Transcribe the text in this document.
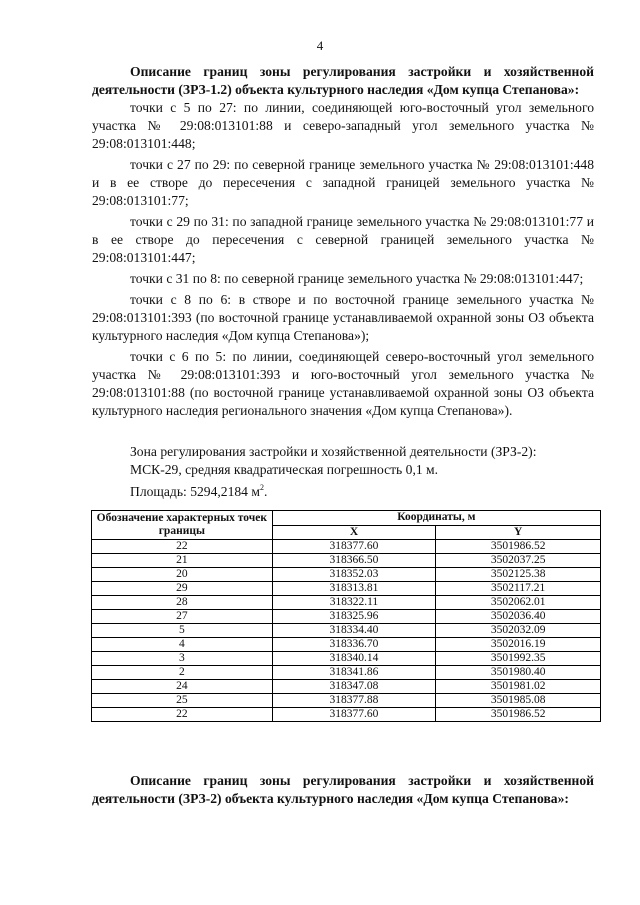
4
Описание границ зоны регулирования застройки и хозяйственной деятельности (ЗРЗ-1.2) объекта культурного наследия «Дом купца Степанова»:
точки с 5 по 27: по линии, соединяющей юго-восточный угол земельного участка № 29:08:013101:88 и северо-западный угол земельного участка № 29:08:013101:448;
точки с 27 по 29: по северной границе земельного участка № 29:08:013101:448 и в ее створе до пересечения с западной границей земельного участка № 29:08:013101:77;
точки с 29 по 31: по западной границе земельного участка № 29:08:013101:77 и в ее створе до пересечения с северной границей земельного участка № 29:08:013101:447;
точки с 31 по 8: по северной границе земельного участка № 29:08:013101:447;
точки с 8 по 6: в створе и по восточной границе земельного участка № 29:08:013101:393 (по восточной границе устанавливаемой охранной зоны ОЗ объекта культурного наследия «Дом купца Степанова»);
точки с 6 по 5: по линии, соединяющей северо-восточный угол земельного участка № 29:08:013101:393 и юго-восточный угол земельного участка № 29:08:013101:88 (по восточной границе устанавливаемой охранной зоны ОЗ объекта культурного наследия регионального значения «Дом купца Степанова»).
Зона регулирования застройки и хозяйственной деятельности (ЗРЗ-2):
МСК-29, средняя квадратическая погрешность 0,1 м.
Площадь: 5294,2184 $м^2$.
Обозначение характерных точек границы	Координаты, м	
	X	Y
22	318377.60	3501986.52
21	318366.50	3502037.25
20	318352.03	3502125.38
29	318313.81	3502117.21
28	318322.11	3502062.01
27	318325.96	3502036.40
5	318334.40	3502032.09
4	318336.70	3502016.19
3	318340.14	3501992.35
2	318341.86	3501980.40
24	318347.08	3501981.02
25	318377.88	3501985.08
22	318377.60	3501986.52
Описание границ зоны регулирования застройки и хозяйственной деятельности (ЗРЗ-2) объекта культурного наследия «Дом купца Степанова»:
